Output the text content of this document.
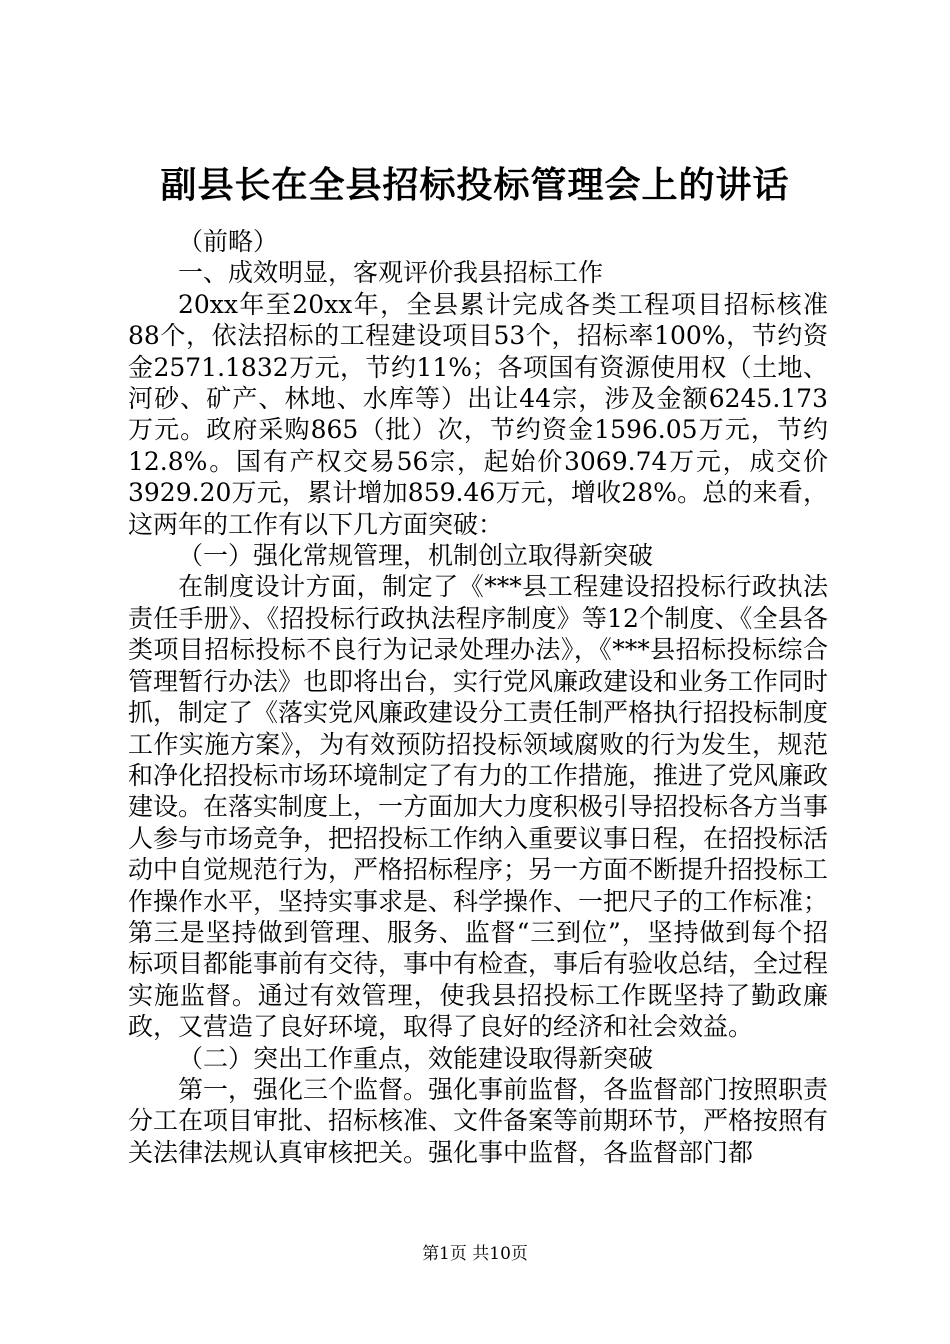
副县长在全县招标投标管理会上的讲话

（前略）

一、成效明显，客观评价我县招标工作

20xx年至20xx年，全县累计完成各类工程项目招标核准88个，依法招标的工程建设项目53个，招标率100%，节约资金2571.1832万元，节约11%；各项国有资源使用权（土地、河砂、矿产、林地、水库等）出让44宗，涉及金额6245.173万元。政府采购865（批）次，节约资金1596.05万元，节约12.8%。国有产权交易56宗，起始价3069.74万元，成交价3929.20万元，累计增加859.46万元，增收28%。总的来看，这两年的工作有以下几方面突破：

（一）强化常规管理，机制创立取得新突破

在制度设计方面，制定了《***县工程建设招投标行政执法责任手册》、《招投标行政执法程序制度》等12个制度、《全县各类项目招标投标不良行为记录处理办法》，《***县招标投标综合管理暂行办法》也即将出台，实行党风廉政建设和业务工作同时抓，制定了《落实党风廉政建设分工责任制严格执行招投标制度工作实施方案》，为有效预防招投标领域腐败的行为发生，规范和净化招投标市场环境制定了有力的工作措施，推进了党风廉政建设。在落实制度上，一方面加大力度积极引导招投标各方当事人参与市场竞争，把招投标工作纳入重要议事日程，在招投标活动中自觉规范行为，严格招标程序；另一方面不断提升招投标工作操作水平，坚持实事求是、科学操作、一把尺子的工作标准；第三是坚持做到管理、服务、监督“三到位”，坚持做到每个招标项目都能事前有交待，事中有检查，事后有验收总结，全过程实施监督。通过有效管理，使我县招投标工作既坚持了勤政廉政，又营造了良好环境，取得了良好的经济和社会效益。

（二）突出工作重点，效能建设取得新突破

第一，强化三个监督。强化事前监督，各监督部门按照职责分工在项目审批、招标核准、文件备案等前期环节，严格按照有关法律法规认真审核把关。强化事中监督，各监督部门都

第1页 共10页
